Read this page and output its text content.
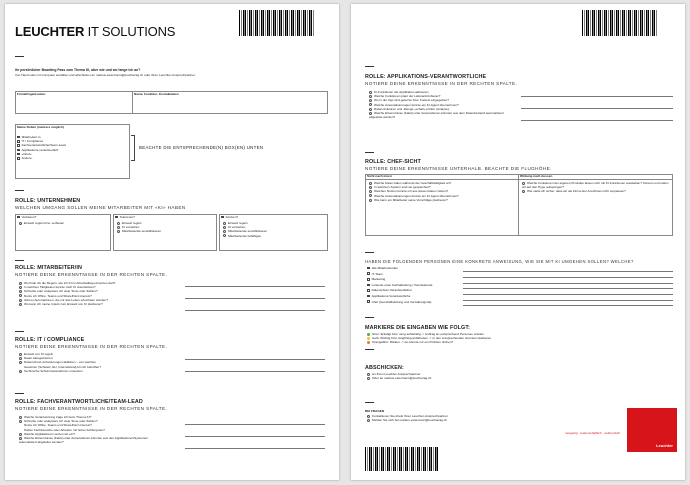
LEUCHTER IT SOLUTIONS
Ihr persönlicher Boarding Pass zum Thema KI, aber wie und wo fange ich an?
Von Hand oder mit Computer ausfüllen und abschicken an markus.estermann@leuchterag.ch oder Ihren Leuchter-Ansprechpartner.
Firma/Organisation	Name, Funktion, Kontaktdaten
Meine Rollen (mehrere möglich)
Mitarbeiter/-in
IT / Compliance
Fachverantwortliche/Team-Lead
Applikations-verantwortlich
«Chef»
Andere:
BEACHTE DIE ENTSPRECHENDE(N) BOX(EN) UNTEN
ROLLE: UNTERNEHMEN
WELCHEN UMGANG SOLLEN MEINE MITARBEITER MIT «KI» HABEN
Verbieten?
Einsatz regeln bzw. verbieten
Tolerieren?
Einsatz regeln
KI verstehen
Mitarbeitende sensibilisieren
Fördern?
Einsatz regeln
KI verstehen
Mitarbeitende sensibilisieren
Mitarbeitende befähigen
ROLLE: MITARBEITER/IN
NOTIERE DEINE ERKENNTNISSE IN DER RECHTEN SPALTE.
Wo finde ich die Regeln, wie ich KI im Arbeitsalltag einsetzen darf?
In welchen Tätigkeiten könnte mich KI unterstützen?
Schreibe oder analysiere ich viele Texte oder Zahlen?
Nutze ich Office, Teams und SharePoint intensiv?
Gibt es Automationen, die mir das Leben erleichtern würden?
Wo kann ich meine Inputs zum Einsatz von KI platzieren?
ROLLE: IT / COMPLIANCE
NOTIERE DEINE ERKENNTNISSE IN DER RECHTEN SPALTE.
Einsatz von KI regeln
Daten kategorisieren
Datenschutz-Anforderungen abklären – von welchen
Gesetzen (Schweiz, EU, International) bin ich betroffen?
Technische Schutzmassnahmen umsetzen
ROLLE: FACHVERANTWORTLICHE/TEAM-LEAD
NOTIERE DEINE ERKENNTNISSE IN DER RECHTEN SPALTE.
Welche Verantwortung trage ich beim Thema KI?
Schreibe oder analysiere ich viele Texte oder Zahlen?
Nutze ich Office, Teams und SharePoint intensiv?
Haben Fachbereiche oder Arbeiten mit hoher Fehlerquote?
Welche Applikationen setzen wir ein?
Welche Erkenntnisse (Fakts) oder Automationen könnten aus den Applikationen/Systemen automatisiert abgeleitet werden?
ROLLE: APPLIKATIONS-VERANTWORTLICHE
NOTIERE DEINE ERKENNTNISSE IN DER RECHTEN SPALTE.
KI-Funktionen der Applikation aktivieren
Welche Funktionen plant der Lieferant/Anbieter?
Wo in der App sind gelernte bzw. Freitext eingegeben?
Welche Automatisierungen könnte ein KI-Agent übernehmen?
Datenstrukturen und -Menge «erhalt» prüfen (Analyse)
Welche Erkenntnisse (Fakts) oder Automationen könnten aus dem Datenbestand automatisiert abgeleitet werden?
ROLLE: CHEF-SICHT
NOTIERE DEINE ERKENNTNISSE UNTERHALB. BEACHTE DIE FLUGHÖHE.
Sicht nach innen	Wirkung nach Aussen
Welche Daten fallen während der Geschäftstätigkeit an?
In welchem System sind sie gespeichert?
Welchen Nutzen könnte ich aus diesen Daten ziehen?
Welche Automatisierungen könnte ein KI-Agent übernehmen?
Wie kann ein Mitarbeiter seine Vorschläge platzieren?
Welche Funktionen der eigenen Produkte lassen sich mit KI-Funktionen ausstatten? Können und sollen wir auf den Hype aufspringen?
Wie stelle ich sicher, dass wir als Firma den Anschluss nicht verpassen?
HABEN DIE FOLGENDEN PERSONEN EINE KONKRETE ANWEISUNG, WIE SIE MIT KI UMGEHEN SOLLEN? WELCHE?
Alle Mitarbeitenden
IT-Team
Marketing
Leitende einer Fachabteilung / Teamleitende
Datenschutz-Verantwortlicher
Applikations-Verantwortliche
Chef (Geschäftsleitung und Verwaltungsrat)
MARKIERE DIE EINGABEN WIE FOLGT:
Grün: Erledigt bzw. vang aufwändig -> Auftrag an entsprechend Personen erteilen
Gelb: Wichtig bzw. langfristig aufarbeiten -> In den entsprechenden Gremien platzieren
Orange/Rot: Risiken -> wo könnte mir ein Problem drohen?
ABSCHICKEN:
An Ihren Leuchter-Ansprechpartner
Oder an markus.estermann@leuchterag.ch
BEI FRAGEN
Kontaktieren Sie direkt Ihren Leuchter-Ansprechpartner
Melden Sie sich bei markus.estermann@leuchterag.ch
neugierig · leidenschaftlich · authentisch
Leuchter
